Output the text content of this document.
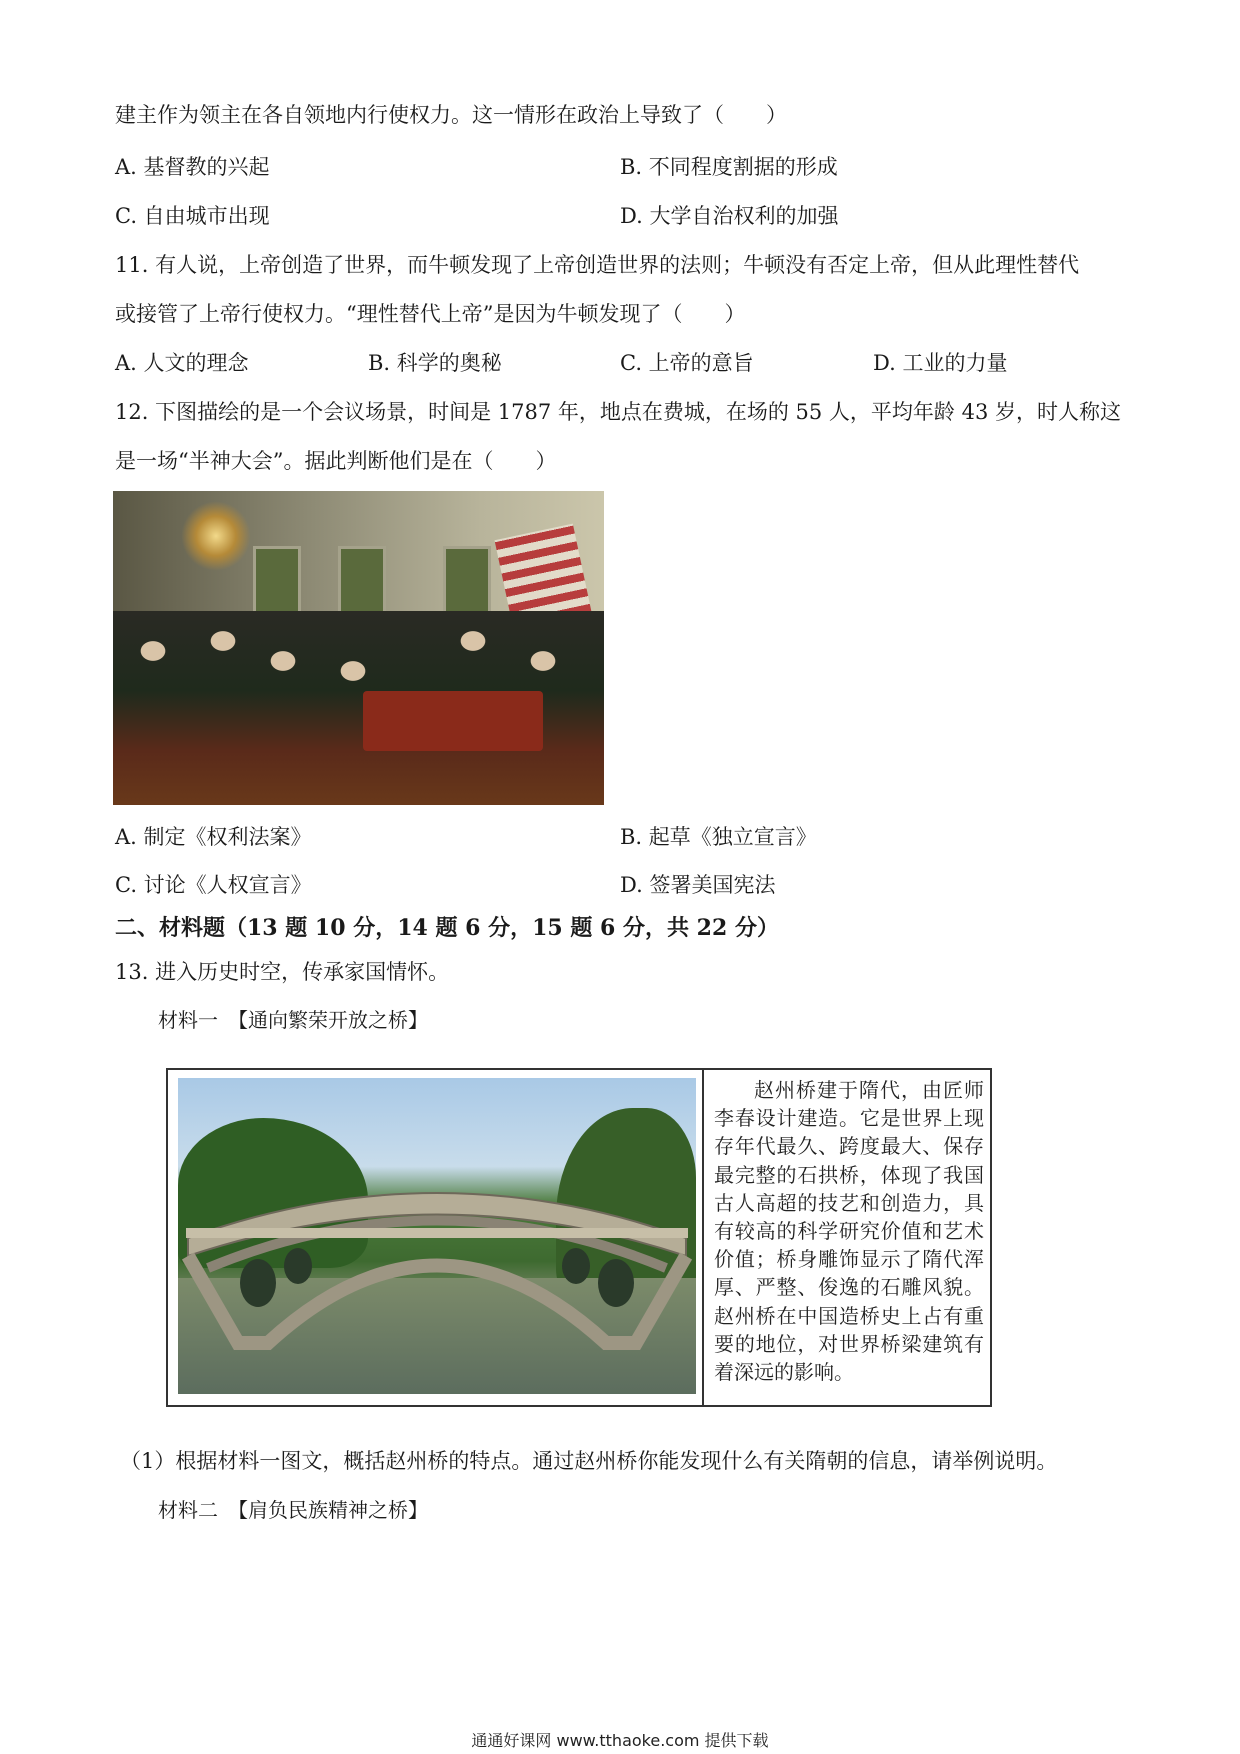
建主作为领主在各自领地内行使权力。这一情形在政治上导致了（　　）
A. 基督教的兴起	B. 不同程度割据的形成
C. 自由城市出现	D. 大学自治权利的加强
11. 有人说，上帝创造了世界，而牛顿发现了上帝创造世界的法则；牛顿没有否定上帝，但从此理性替代
或接管了上帝行使权力。“理性替代上帝”是因为牛顿发现了（　　）
A. 人文的理念	B. 科学的奥秘	C. 上帝的意旨	D. 工业的力量
12. 下图描绘的是一个会议场景，时间是 1787 年，地点在费城，在场的 55 人，平均年龄 43 岁，时人称这
是一场“半神大会”。据此判断他们是在（　　）
A. 制定《权利法案》	B. 起草《独立宣言》
C. 讨论《人权宣言》	D. 签署美国宪法
二、材料题（13 题 10 分，14 题 6 分，15 题 6 分，共 22 分）
13. 进入历史时空，传承家国情怀。
材料一　【通向繁荣开放之桥】
赵州桥建于隋代，由匠师李春设计建造。它是世界上现存年代最久、跨度最大、保存最完整的石拱桥，体现了我国古人高超的技艺和创造力，具有较高的科学研究价值和艺术价值；桥身雕饰显示了隋代浑厚、严整、俊逸的石雕风貌。赵州桥在中国造桥史上占有重要的地位，对世界桥梁建筑有着深远的影响。
（1）根据材料一图文，概括赵州桥的特点。通过赵州桥你能发现什么有关隋朝的信息，请举例说明。
材料二　【肩负民族精神之桥】
通通好课网 www.tthaoke.com 提供下载
